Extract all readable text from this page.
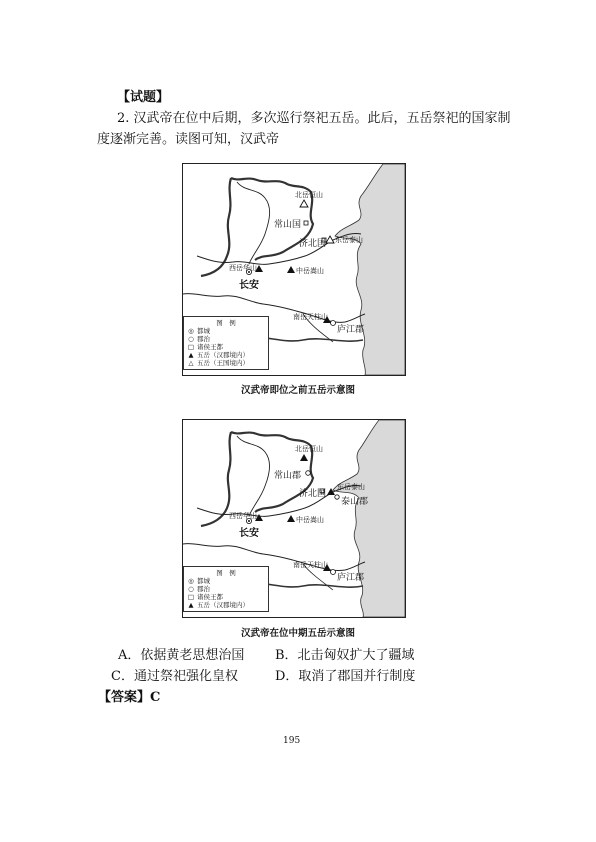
【试题】
2. 汉武帝在位中后期，多次巡行祭祀五岳。此后，五岳祭祀的国家制
度逐渐完善。读图可知，汉武帝
北岳恒山
常山国
济北国 东岳泰山
西岳华山	中岳嵩山
长安
南岳天柱山
庐江郡
图　例
◎ 都城
○ 郡治
□ 诸侯王都
▲ 五岳（汉郡境内）
△ 五岳（王国境内）
汉武帝即位之前五岳示意图
北岳恒山
常山郡
济北国
东岳泰山
泰山郡
西岳华山	中岳嵩山
长安
南岳天柱山
庐江郡
图　例
◎ 都城
○ 郡治
□ 诸侯王都
▲ 五岳（汉郡境内）
汉武帝在位中期五岳示意图
A．依据黄老思想治国 B．北击匈奴扩大了疆域
C．通过祭祀强化皇权	D．取消了郡国并行制度
【答案】C
195
